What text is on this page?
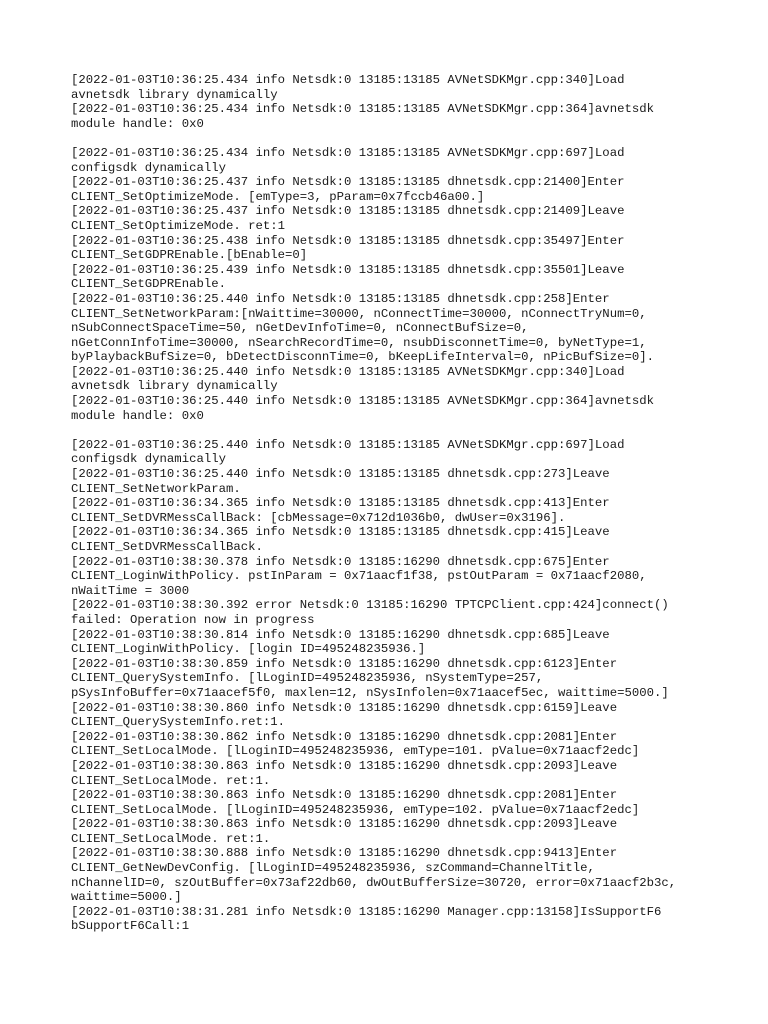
[2022-01-03T10:36:25.434 info Netsdk:0 13185:13185 AVNetSDKMgr.cpp:340]Load
avnetsdk library dynamically
[2022-01-03T10:36:25.434 info Netsdk:0 13185:13185 AVNetSDKMgr.cpp:364]avnetsdk
module handle: 0x0
[2022-01-03T10:36:25.434 info Netsdk:0 13185:13185 AVNetSDKMgr.cpp:697]Load
configsdk dynamically
[2022-01-03T10:36:25.437 info Netsdk:0 13185:13185 dhnetsdk.cpp:21400]Enter
CLIENT_SetOptimizeMode. [emType=3, pParam=0x7fccb46a00.]
[2022-01-03T10:36:25.437 info Netsdk:0 13185:13185 dhnetsdk.cpp:21409]Leave
CLIENT_SetOptimizeMode. ret:1
[2022-01-03T10:36:25.438 info Netsdk:0 13185:13185 dhnetsdk.cpp:35497]Enter
CLIENT_SetGDPREnable.[bEnable=0]
[2022-01-03T10:36:25.439 info Netsdk:0 13185:13185 dhnetsdk.cpp:35501]Leave
CLIENT_SetGDPREnable.
[2022-01-03T10:36:25.440 info Netsdk:0 13185:13185 dhnetsdk.cpp:258]Enter
CLIENT_SetNetworkParam:[nWaittime=30000, nConnectTime=30000, nConnectTryNum=0,
nSubConnectSpaceTime=50, nGetDevInfoTime=0, nConnectBufSize=0,
nGetConnInfoTime=30000, nSearchRecordTime=0, nsubDisconnetTime=0, byNetType=1,
byPlaybackBufSize=0, bDetectDisconnTime=0, bKeepLifeInterval=0, nPicBufSize=0].
[2022-01-03T10:36:25.440 info Netsdk:0 13185:13185 AVNetSDKMgr.cpp:340]Load
avnetsdk library dynamically
[2022-01-03T10:36:25.440 info Netsdk:0 13185:13185 AVNetSDKMgr.cpp:364]avnetsdk
module handle: 0x0
[2022-01-03T10:36:25.440 info Netsdk:0 13185:13185 AVNetSDKMgr.cpp:697]Load
configsdk dynamically
[2022-01-03T10:36:25.440 info Netsdk:0 13185:13185 dhnetsdk.cpp:273]Leave
CLIENT_SetNetworkParam.
[2022-01-03T10:36:34.365 info Netsdk:0 13185:13185 dhnetsdk.cpp:413]Enter
CLIENT_SetDVRMessCallBack: [cbMessage=0x712d1036b0, dwUser=0x3196].
[2022-01-03T10:36:34.365 info Netsdk:0 13185:13185 dhnetsdk.cpp:415]Leave
CLIENT_SetDVRMessCallBack.
[2022-01-03T10:38:30.378 info Netsdk:0 13185:16290 dhnetsdk.cpp:675]Enter
CLIENT_LoginWithPolicy. pstInParam = 0x71aacf1f38, pstOutParam = 0x71aacf2080,
nWaitTime = 3000
[2022-01-03T10:38:30.392 error Netsdk:0 13185:16290 TPTCPClient.cpp:424]connect()
failed: Operation now in progress
[2022-01-03T10:38:30.814 info Netsdk:0 13185:16290 dhnetsdk.cpp:685]Leave
CLIENT_LoginWithPolicy. [login ID=495248235936.]
[2022-01-03T10:38:30.859 info Netsdk:0 13185:16290 dhnetsdk.cpp:6123]Enter
CLIENT_QuerySystemInfo. [lLoginID=495248235936, nSystemType=257,
pSysInfoBuffer=0x71aacef5f0, maxlen=12, nSysInfolen=0x71aacef5ec, waittime=5000.]
[2022-01-03T10:38:30.860 info Netsdk:0 13185:16290 dhnetsdk.cpp:6159]Leave
CLIENT_QuerySystemInfo.ret:1.
[2022-01-03T10:38:30.862 info Netsdk:0 13185:16290 dhnetsdk.cpp:2081]Enter
CLIENT_SetLocalMode. [lLoginID=495248235936, emType=101. pValue=0x71aacf2edc]
[2022-01-03T10:38:30.863 info Netsdk:0 13185:16290 dhnetsdk.cpp:2093]Leave
CLIENT_SetLocalMode. ret:1.
[2022-01-03T10:38:30.863 info Netsdk:0 13185:16290 dhnetsdk.cpp:2081]Enter
CLIENT_SetLocalMode. [lLoginID=495248235936, emType=102. pValue=0x71aacf2edc]
[2022-01-03T10:38:30.863 info Netsdk:0 13185:16290 dhnetsdk.cpp:2093]Leave
CLIENT_SetLocalMode. ret:1.
[2022-01-03T10:38:30.888 info Netsdk:0 13185:16290 dhnetsdk.cpp:9413]Enter
CLIENT_GetNewDevConfig. [lLoginID=495248235936, szCommand=ChannelTitle,
nChannelID=0, szOutBuffer=0x73af22db60, dwOutBufferSize=30720, error=0x71aacf2b3c,
waittime=5000.]
[2022-01-03T10:38:31.281 info Netsdk:0 13185:16290 Manager.cpp:13158]IsSupportF6
bSupportF6Call:1
